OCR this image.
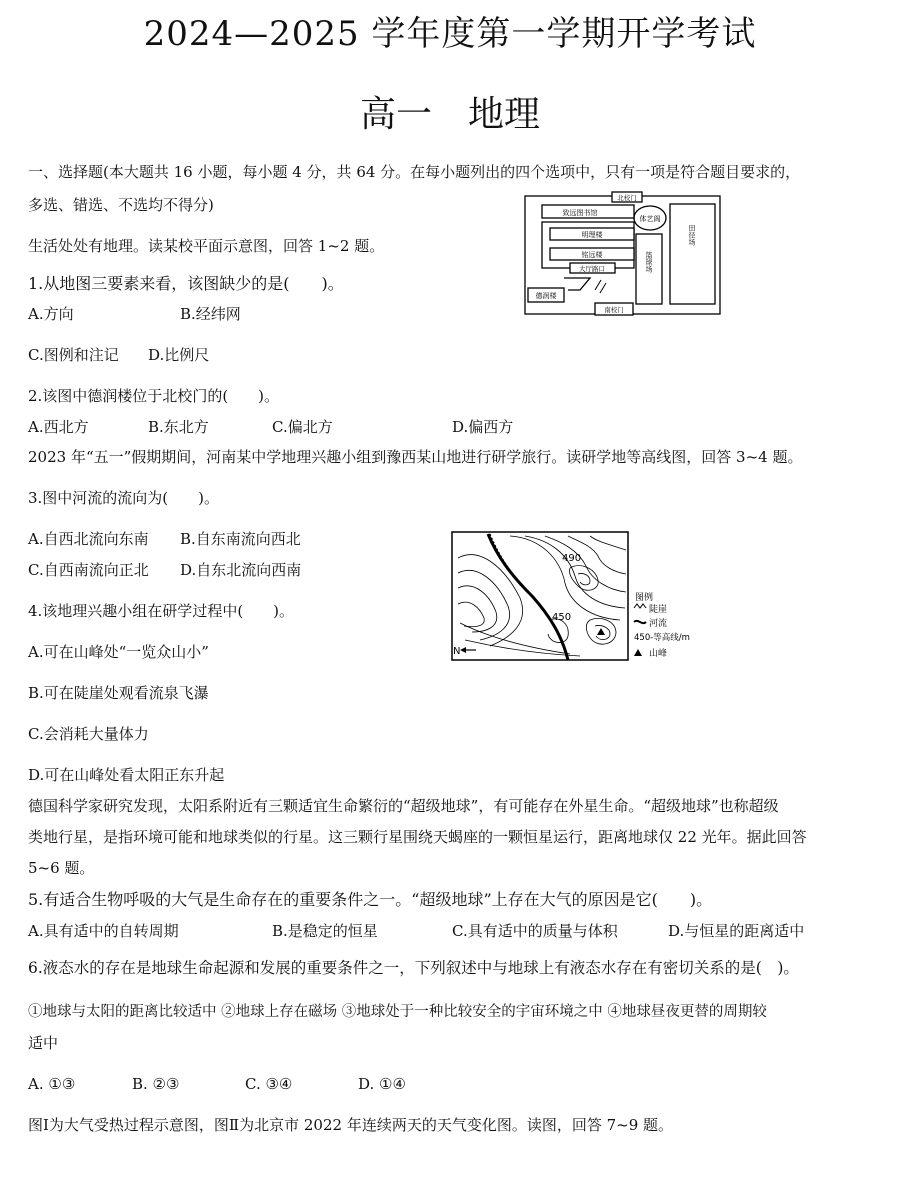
2024—2025 学年度第一学期开学考试
高一　地理
一、选择题(本大题共 16 小题，每小题 4 分，共 64 分。在每小题列出的四个选项中，只有一项是符合题目要求的，
多选、错选、不选均不得分)
生活处处有地理。读某校平面示意图，回答 1~2 题。
1.从地图三要素来看，该图缺少的是(　　)。
A.方向	B.经纬网
C.图例和注记 D.比例尺
2.该图中德润楼位于北校门的(　　)。
A.西北方	B.东北方	C.偏北方	D.偏西方
北校门
体艺阁
致远图书馆
明理楼
铭远楼
大厅路口	篮球场
田径场
德润楼
南校门
2023 年“五一”假期期间，河南某中学地理兴趣小组到豫西某山地进行研学旅行。读研学地等高线图，回答 3~4 题。
3.图中河流的流向为(　　)。
A.自西北流向东南 B.自东南流向西北
C.自西南流向正北 D.自东北流向西南
4.该地理兴趣小组在研学过程中(　　)。
A.可在山峰处“一览众山小”
B.可在陡崖处观看流泉飞瀑
C.会消耗大量体力
D.可在山峰处看太阳正东升起
490
450
N
图例
陡崖
河流
450-等高线/m
山峰
德国科学家研究发现，太阳系附近有三颗适宜生命繁衍的“超级地球”，有可能存在外星生命。“超级地球”也称超级
类地行星，是指环境可能和地球类似的行星。这三颗行星围绕天蝎座的一颗恒星运行，距离地球仅 22 光年。据此回答
5~6 题。
5.有适合生物呼吸的大气是生命存在的重要条件之一。“超级地球”上存在大气的原因是它(　　)。
A.具有适中的自转周期	B.是稳定的恒星	C.具有适中的质量与体积	D.与恒星的距离适中
6.液态水的存在是地球生命起源和发展的重要条件之一，下列叙述中与地球上有液态水存在有密切关系的是(　)。
①地球与太阳的距离比较适中 ②地球上存在磁场 ③地球处于一种比较安全的宇宙环境之中 ④地球昼夜更替的周期较
适中
A. ①③	B. ②③	C. ③④	D. ①④
图Ⅰ为大气受热过程示意图，图Ⅱ为北京市 2022 年连续两天的天气变化图。读图，回答 7~9 题。
